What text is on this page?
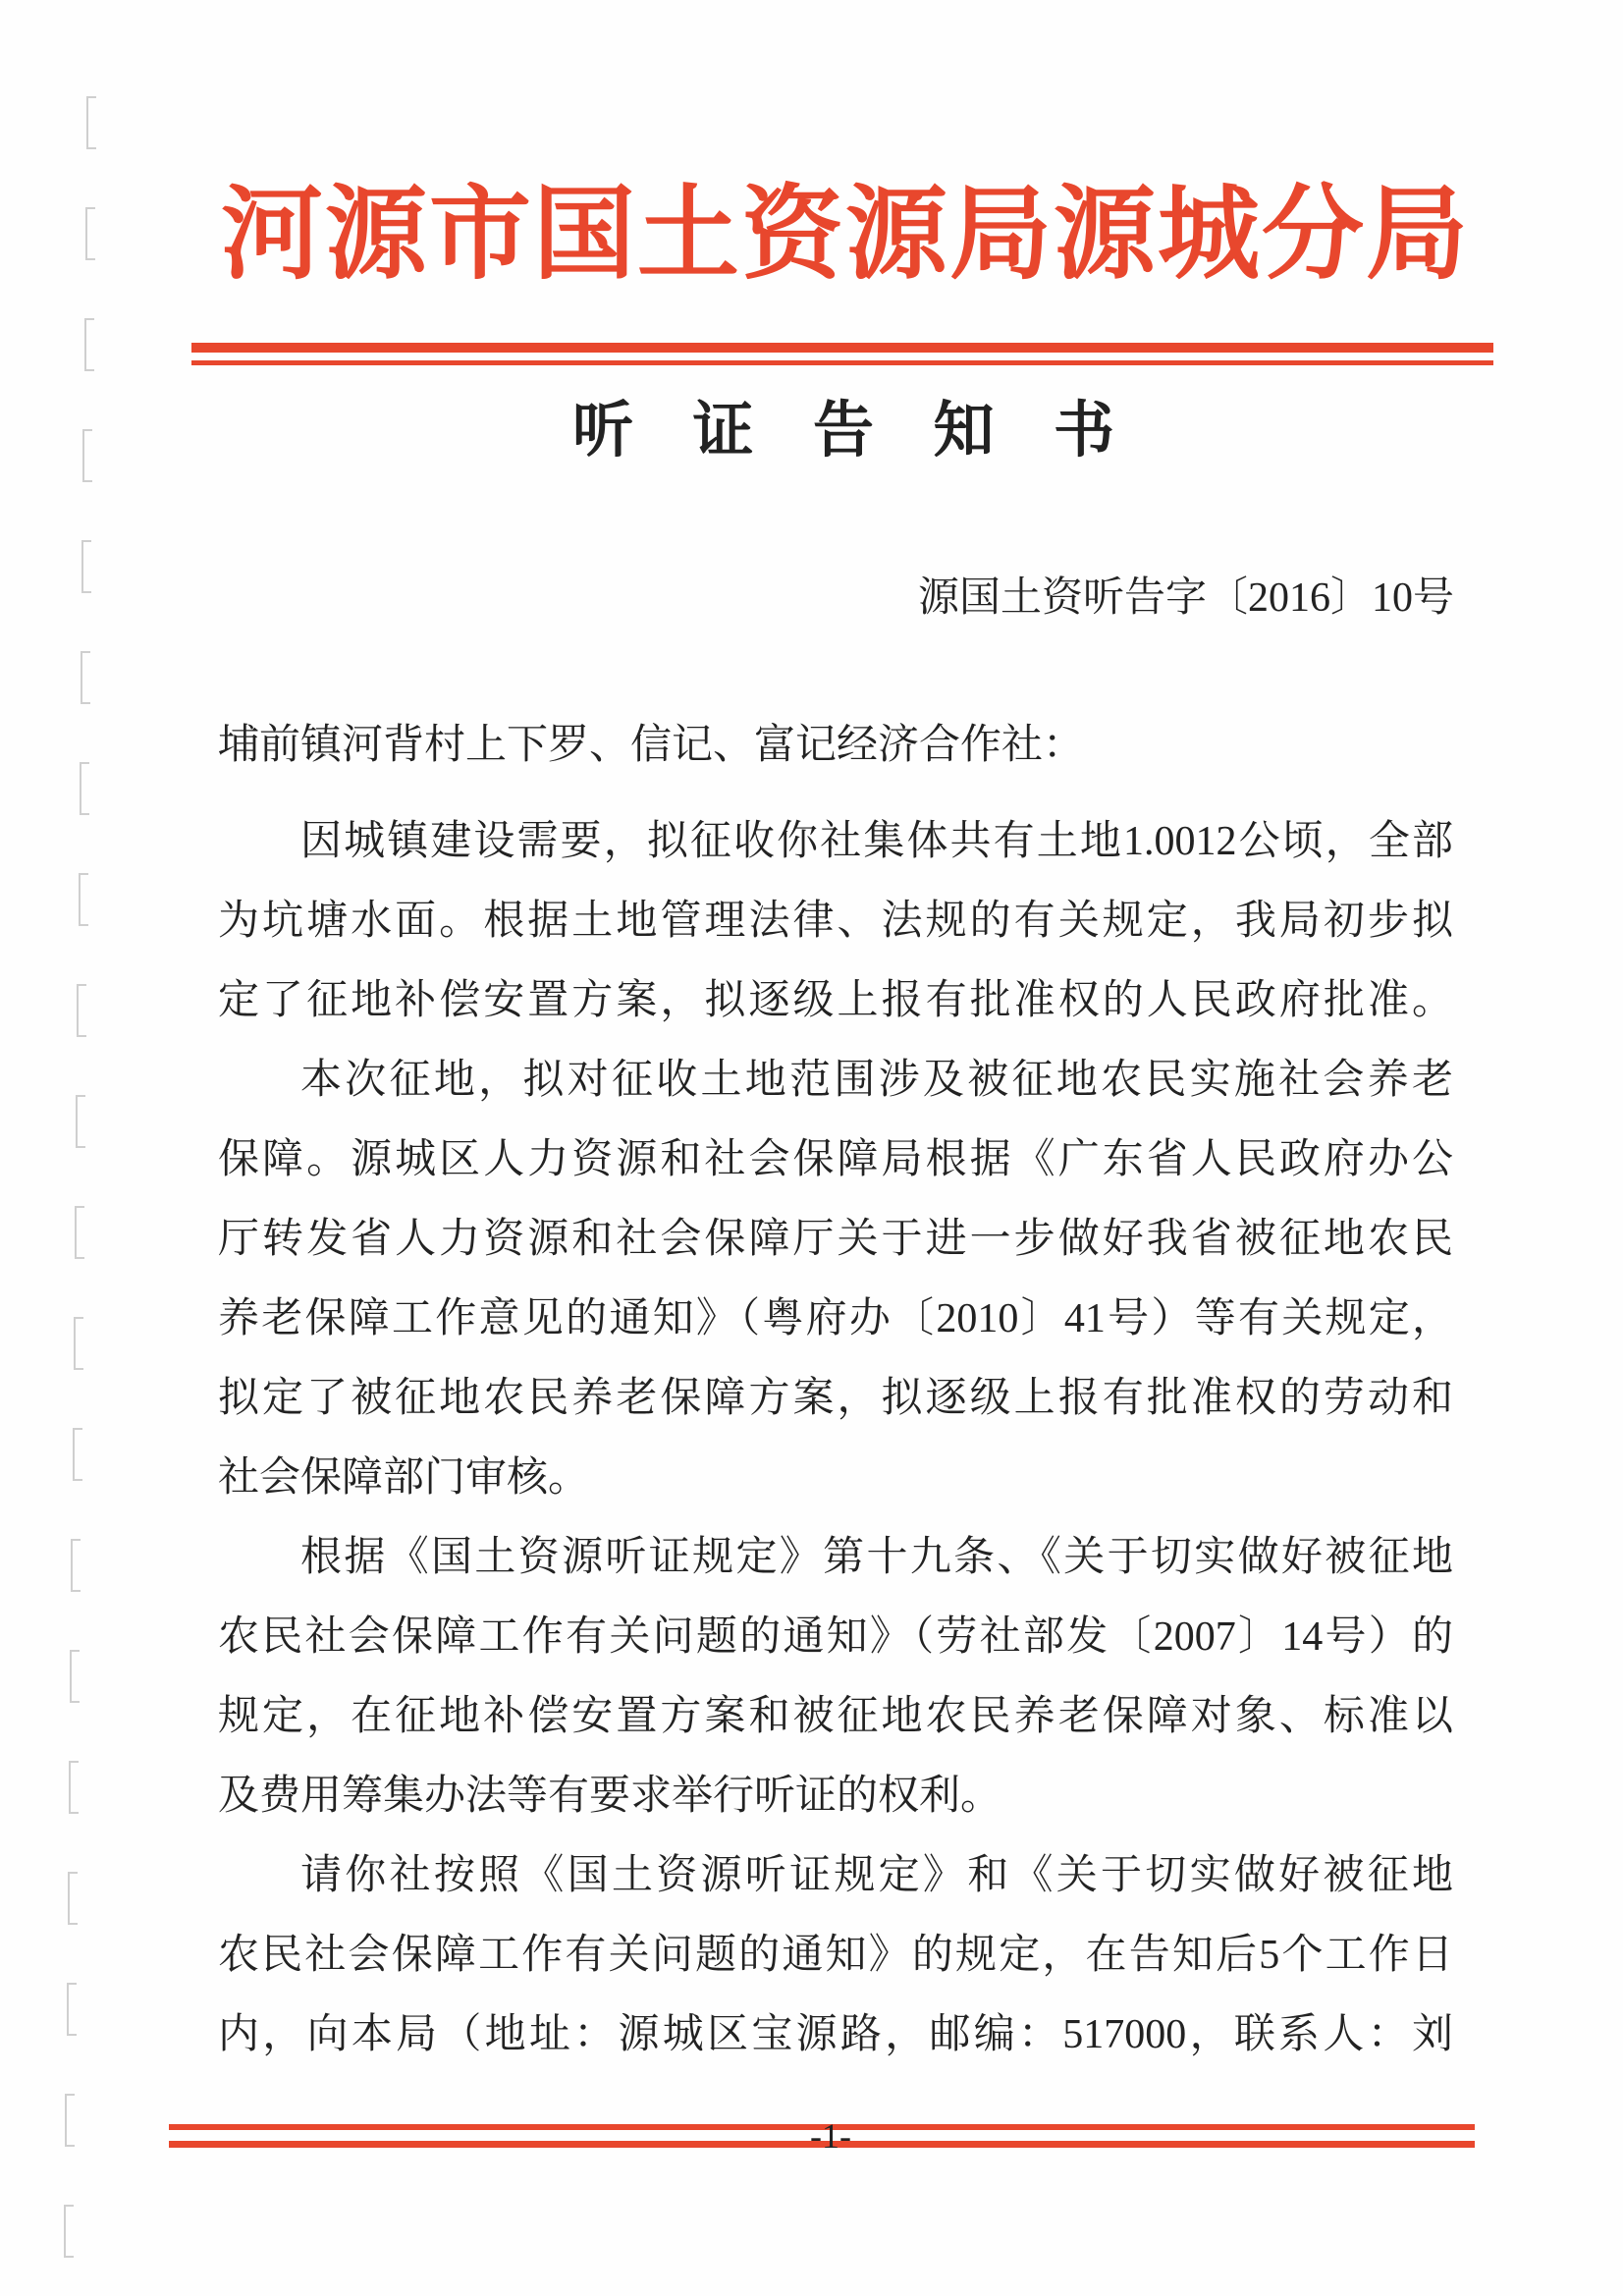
河源市国土资源局源城分局
听 证 告 知 书
源国土资听告字〔2016〕10号
埔前镇河背村上下罗、信记、富记经济合作社：
因城镇建设需要，拟征收你社集体共有土地1.0012公顷，全部
为坑塘水面。根据土地管理法律、法规的有关规定，我局初步拟
定了征地补偿安置方案，拟逐级上报有批准权的人民政府批准。
本次征地，拟对征收土地范围涉及被征地农民实施社会养老
保障。源城区人力资源和社会保障局根据《广东省人民政府办公
厅转发省人力资源和社会保障厅关于进一步做好我省被征地农民
养老保障工作意见的通知》（粤府办〔2010〕41号）等有关规定，
拟定了被征地农民养老保障方案，拟逐级上报有批准权的劳动和
社会保障部门审核。
根据《国土资源听证规定》第十九条、《关于切实做好被征地
农民社会保障工作有关问题的通知》（劳社部发〔2007〕14号）的
规定，在征地补偿安置方案和被征地农民养老保障对象、标准以
及费用筹集办法等有要求举行听证的权利。
请你社按照《国土资源听证规定》和《关于切实做好被征地
农民社会保障工作有关问题的通知》的规定，在告知后5个工作日
内，向本局（地址：源城区宝源路，邮编：517000，联系人：刘
-1-
